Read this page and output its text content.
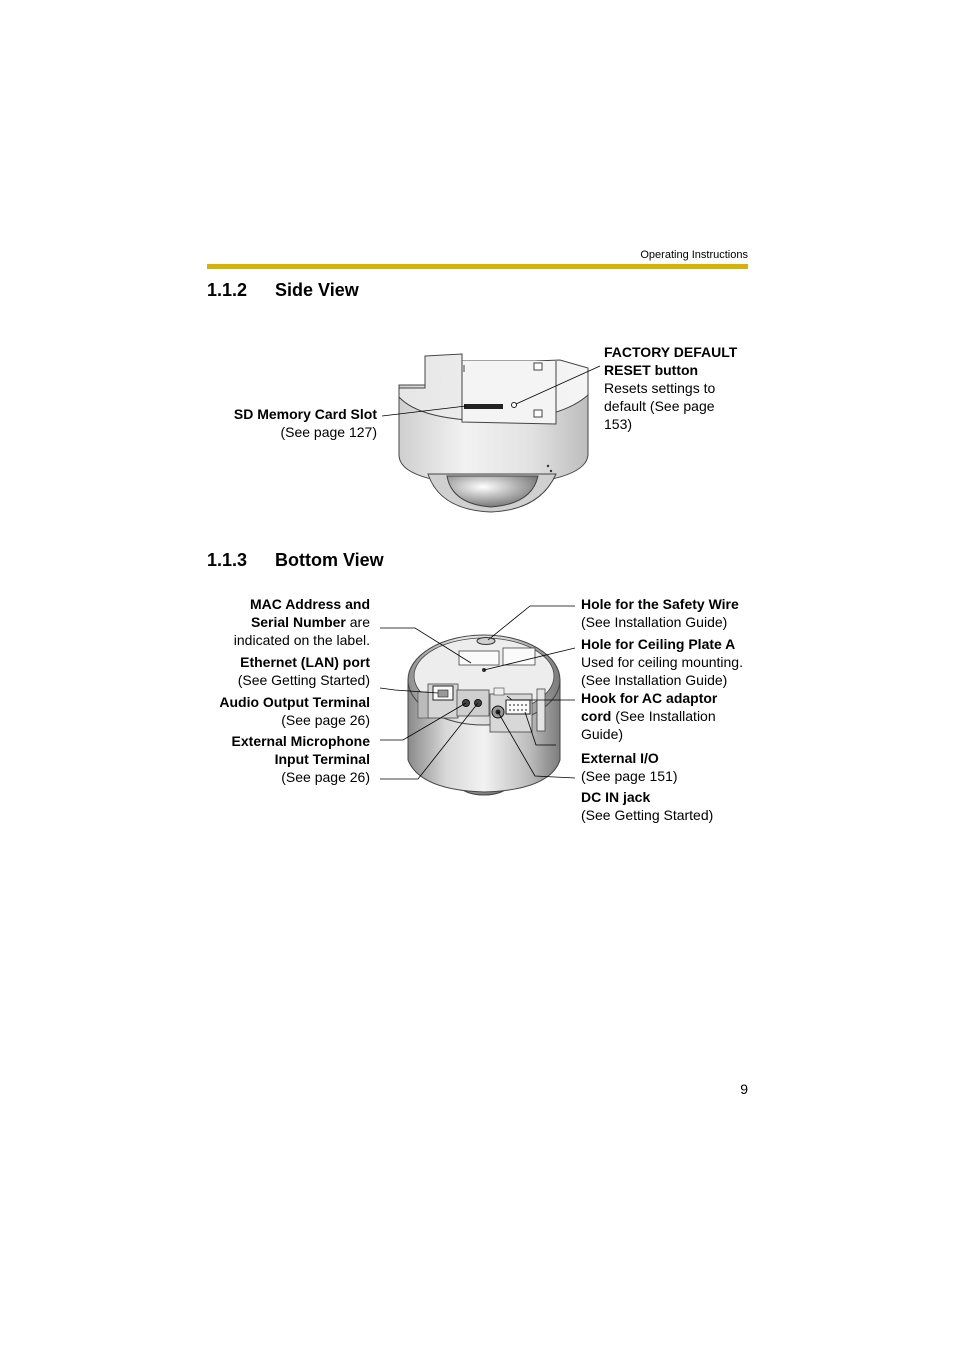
Operating Instructions
1.1.2 Side View
FACTORY DEFAULT
RESET button
Resets settings to
default (See page
153)
SD Memory Card Slot
(See page 127)
1.1.3 Bottom View
MAC Address and
Serial Number are
indicated on the label.
Ethernet (LAN) port
(See Getting Started)
Audio Output Terminal
(See page 26)
External Microphone
Input Terminal
(See page 26)
Hole for the Safety Wire
(See Installation Guide)
Hole for Ceiling Plate A
Used for ceiling mounting.
(See Installation Guide)
Hook for AC adaptor
cord (See Installation
Guide)
External I/O
(See page 151)
DC IN jack
(See Getting Started)
9
